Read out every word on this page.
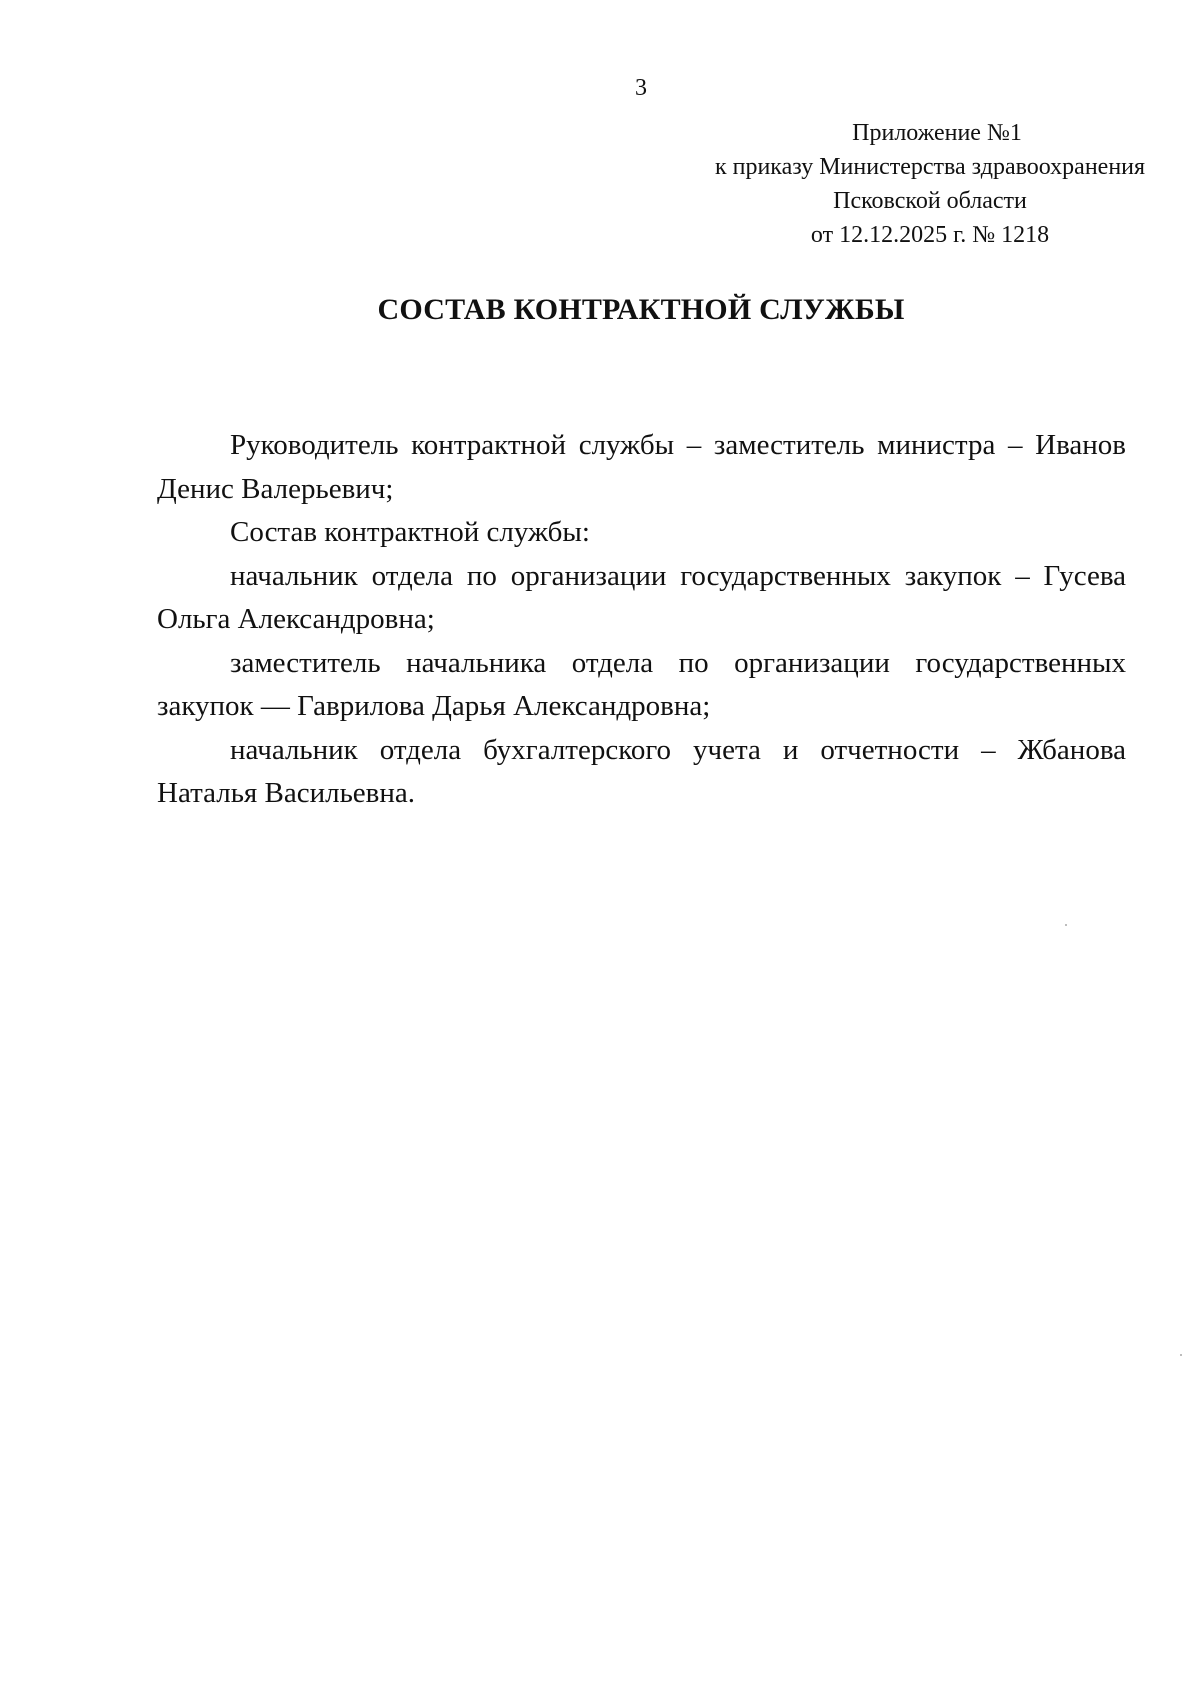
3
Приложение №1
к приказу Министерства здравоохранения
Псковской области
от 12.12.2025 г. № 1218
СОСТАВ КОНТРАКТНОЙ СЛУЖБЫ

Руководитель контрактной службы – заместитель министра – Иванов Денис Валерьевич;

Состав контрактной службы:

начальник отдела по организации государственных закупок – Гусева Ольга Александровна;

заместитель начальника отдела по организации государственных закупок — Гаврилова Дарья Александровна;

начальник отдела бухгалтерского учета и отчетности – Жбанова Наталья Васильевна.
